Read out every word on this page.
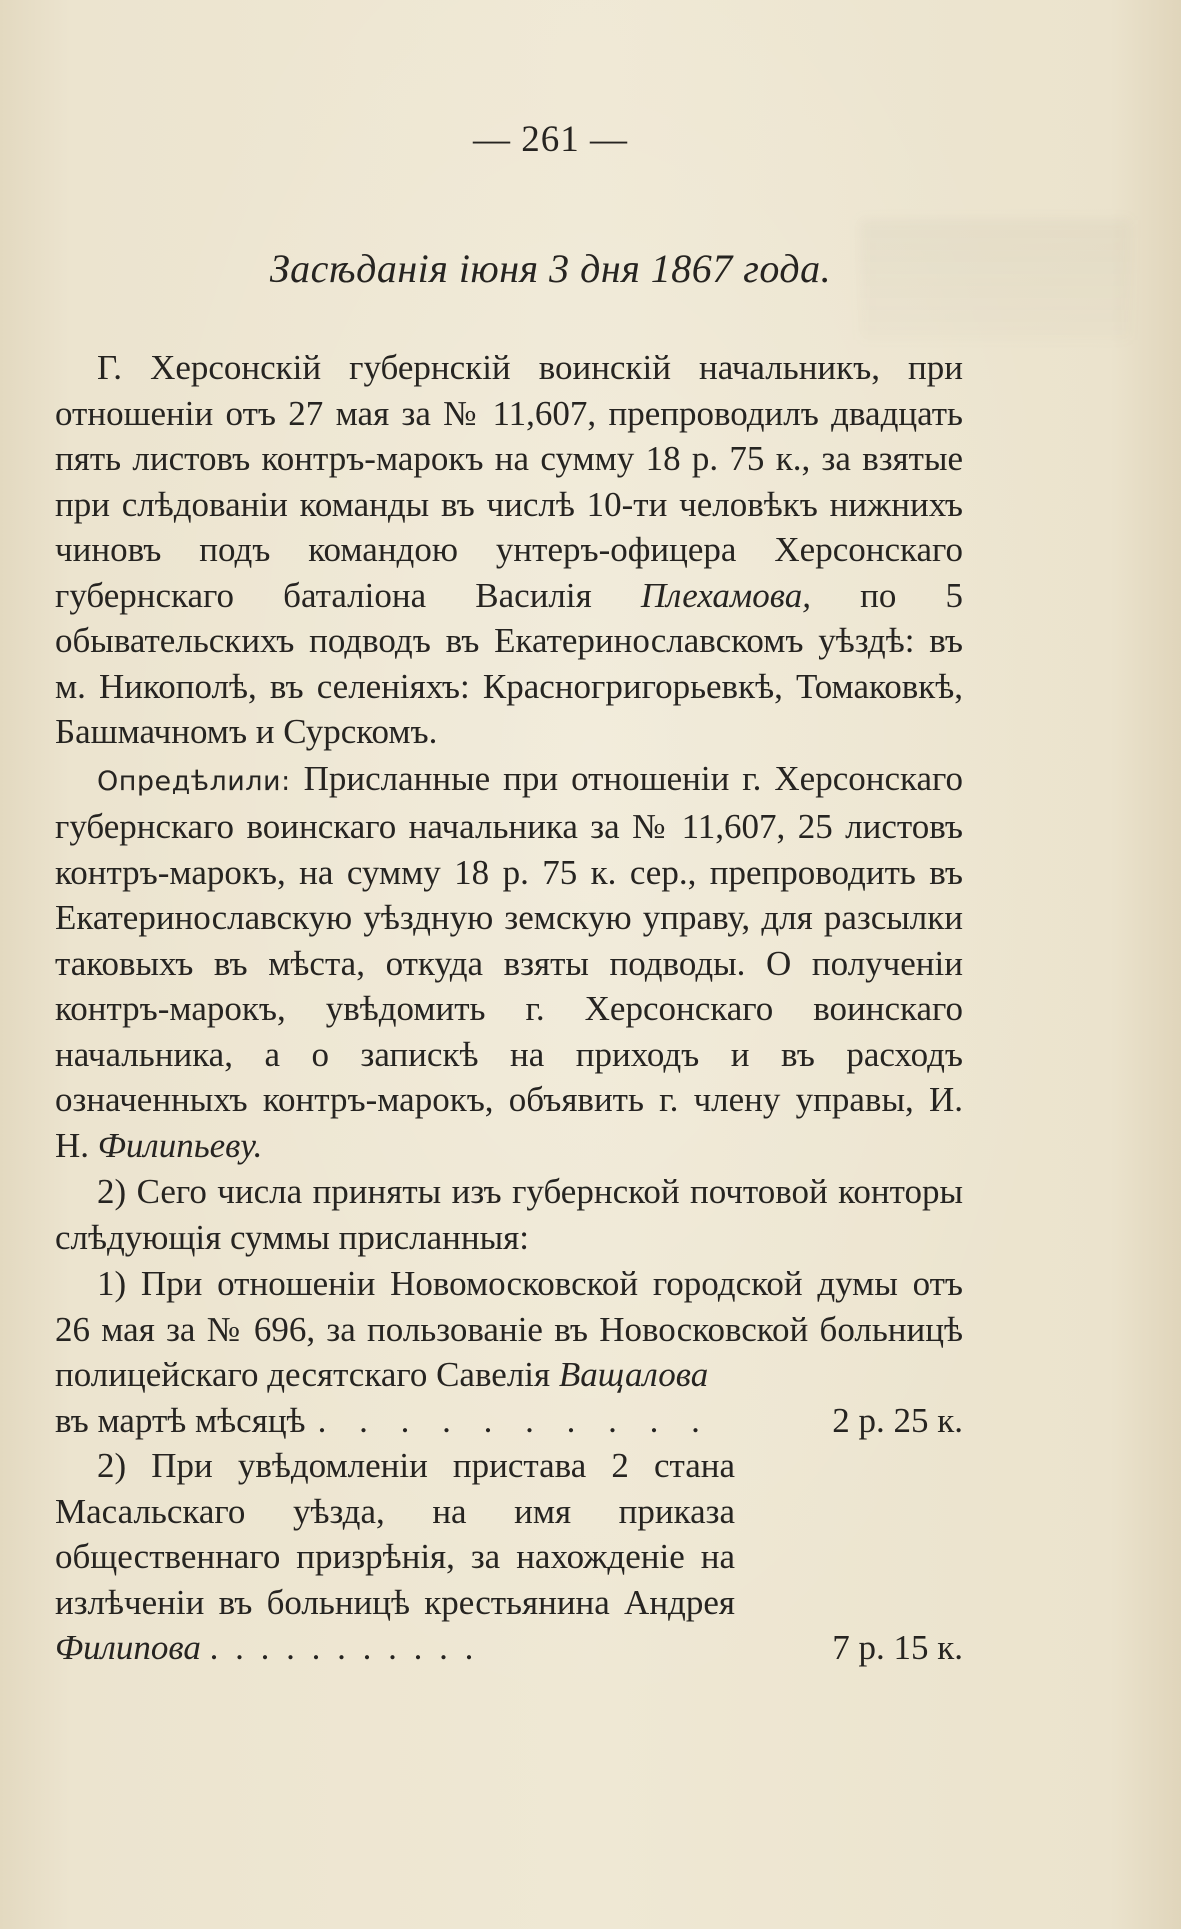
— 261 —
Засѣданія іюня 3 дня 1867 года.

Г. Херсонскій губернскій воинскій начальникъ, при отношеніи отъ 27 мая за № 11,607, препроводилъ двадцать пять листовъ контръ-марокъ на сумму 18 р. 75 к., за взятые при слѣдованіи команды въ числѣ 10-ти человѣкъ нижнихъ чиновъ подъ командою унтеръ-офицера Херсонскаго губернскаго баталіона Василія Плехамова, по 5 обывательскихъ подводъ въ Екатеринославскомъ уѣздѣ: въ м. Никополѣ, въ селеніяхъ: Красногригорьевкѣ, Томаковкѣ, Башмачномъ и Сурскомъ.

Опредѣлили: Присланные при отношеніи г. Херсонскаго губернскаго воинскаго начальника за № 11,607, 25 листовъ контръ-марокъ, на сумму 18 р. 75 к. сер., препроводить въ Екатеринославскую уѣздную земскую управу, для разсылки таковыхъ въ мѣста, откуда взяты подводы. О полученіи контръ-марокъ, увѣдомить г. Херсонскаго воинскаго начальника, а о запискѣ на приходъ и въ расходъ означенныхъ контръ-марокъ, объявить г. члену управы, И. Н. Филипьеву.

2) Сего числа приняты изъ губернской почтовой конторы слѣдующія суммы присланныя:

1) При отношеніи Новомосковской городской думы отъ 26 мая за № 696, за пользованіе въ Новосковской больницѣ полицейскаго десятскаго Савелія Ващалова
въ мартѣ мѣсяцѣ . . . . . . . . . .	2 р. 25 к.
2) При увѣдомленіи пристава 2 стана Масальскаго уѣзда, на имя приказа общественнаго призрѣнія, за нахожденіе на излѣченіи въ больницѣ крестьянина Андрея Филипова . . . . . . . . . . .	7 р. 15 к.
